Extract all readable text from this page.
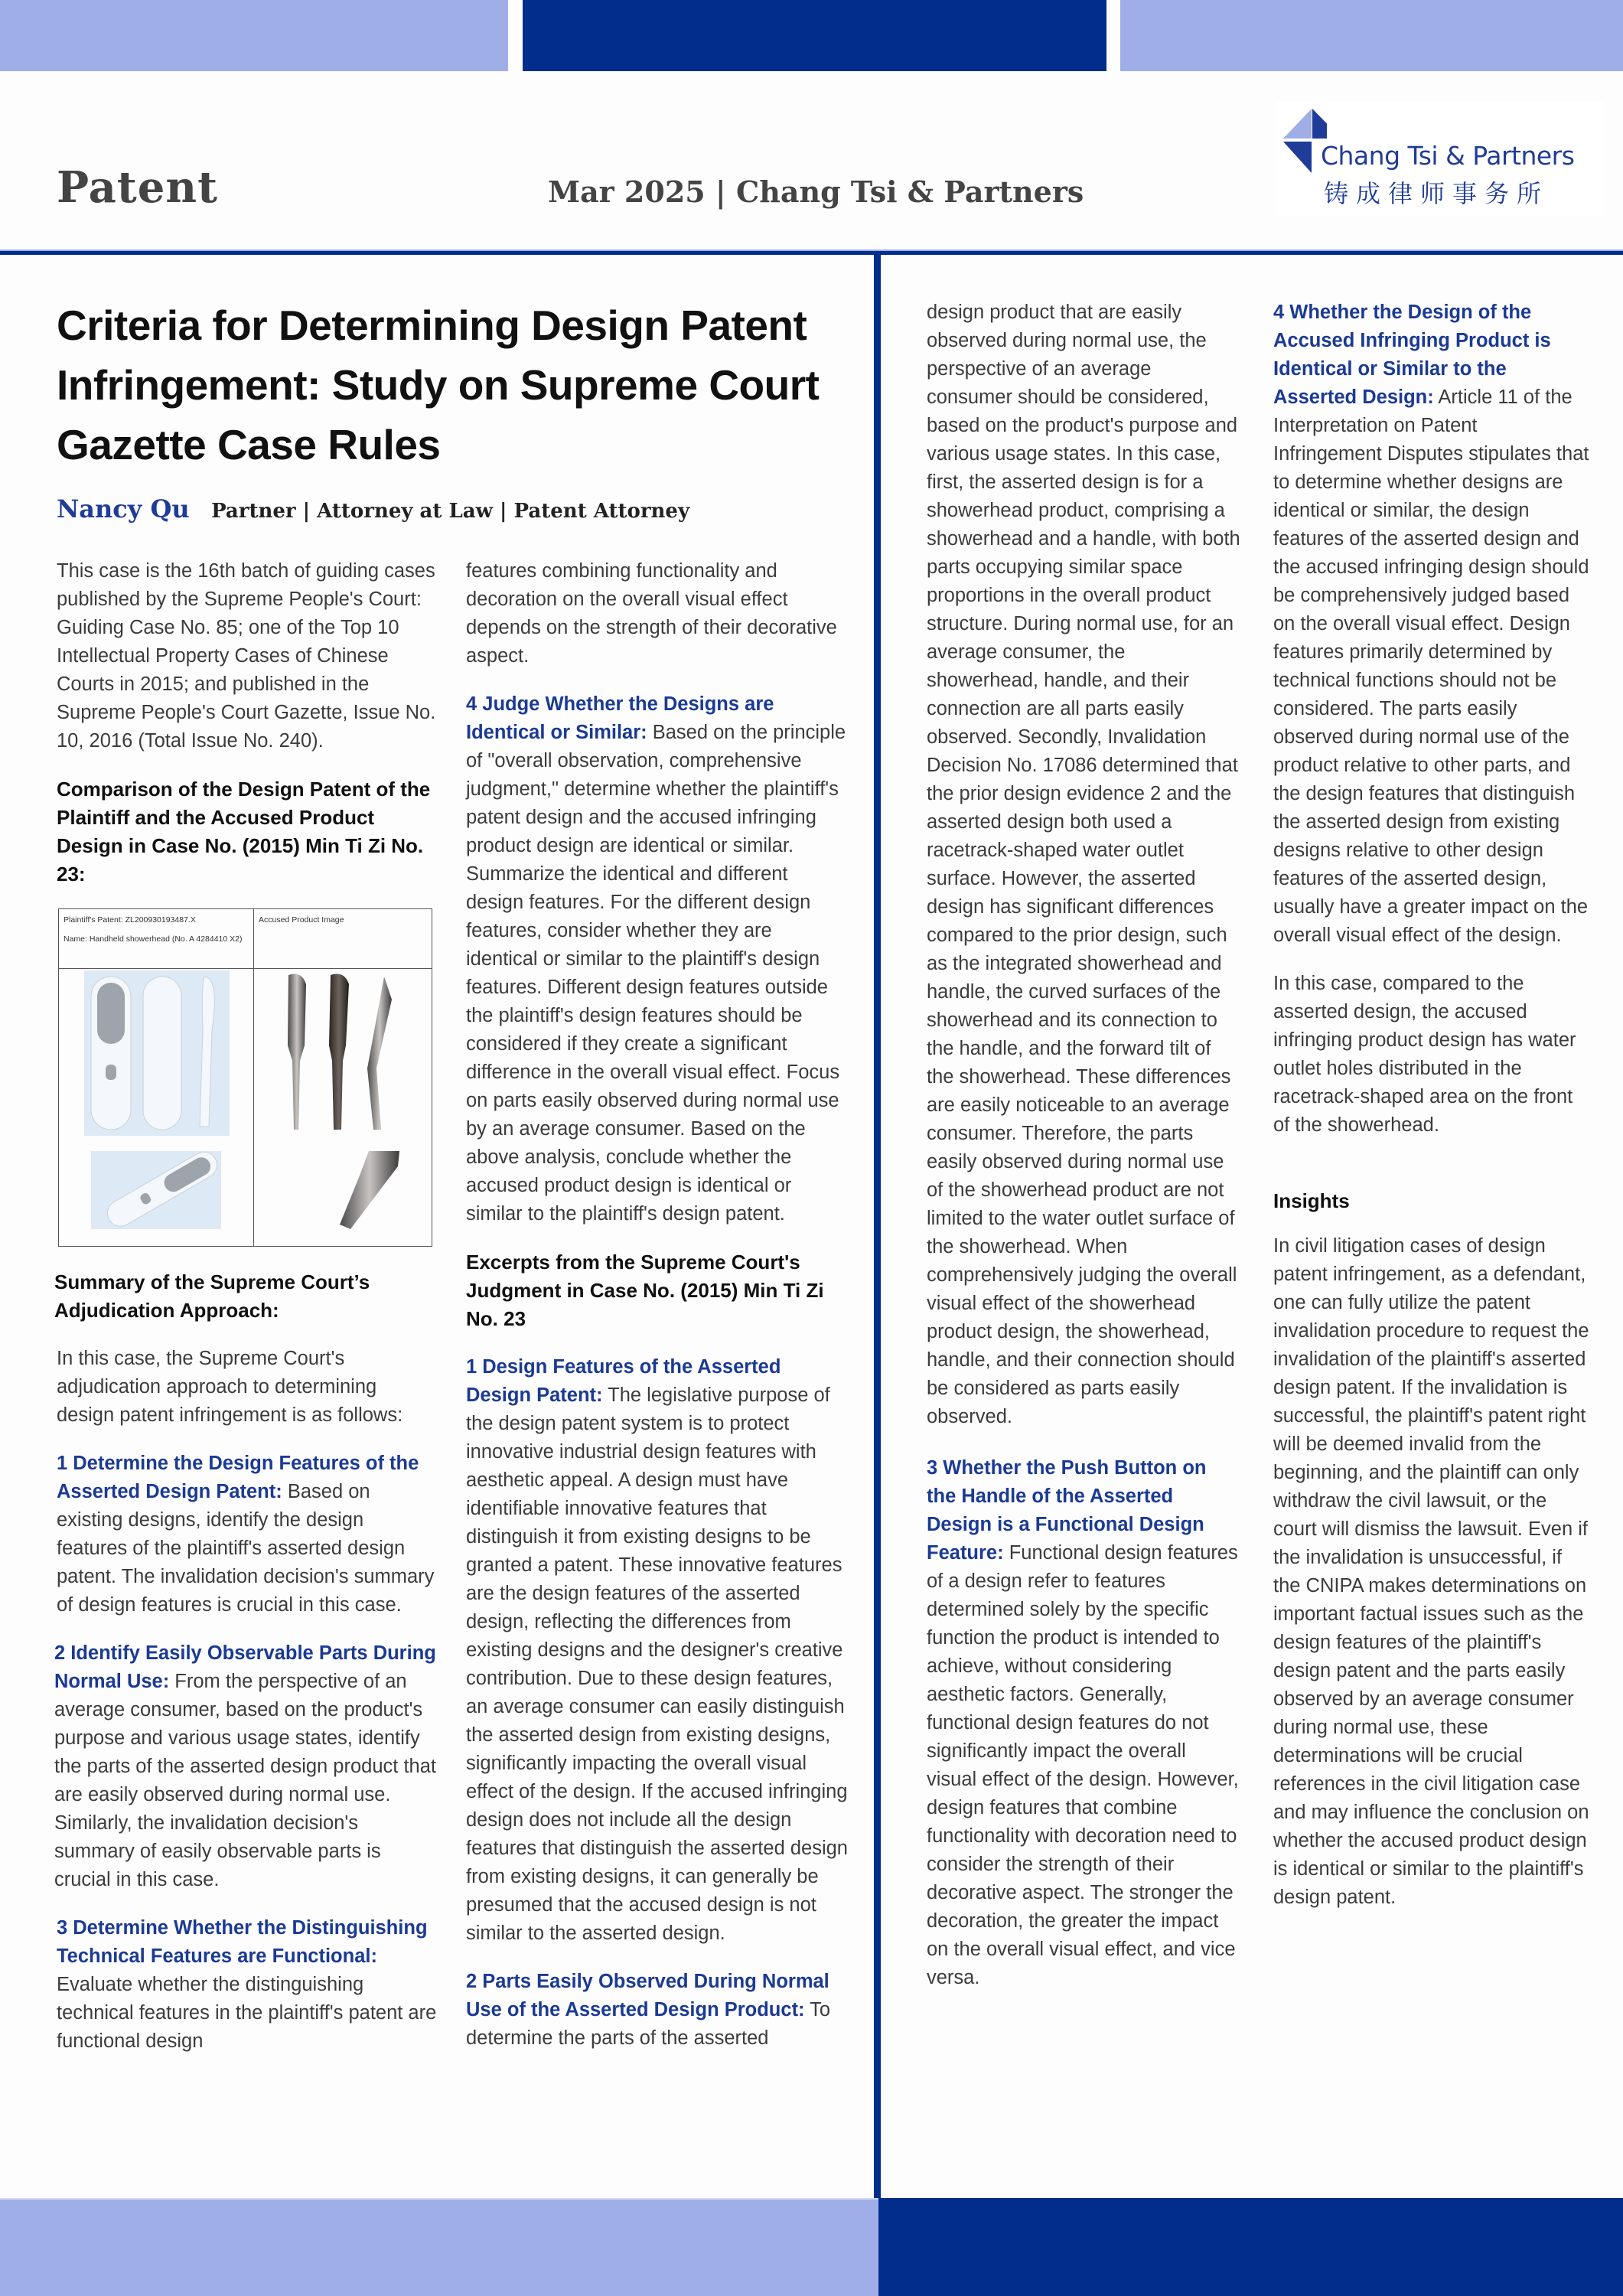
Patent	Mar 2025 | Chang Tsi & Partners
Chang Tsi & Partners
铸成律师事务所
Criteria for Determining Design Patent Infringement: Study on Supreme Court Gazette Case Rules
Nancy Qu Partner | Attorney at Law | Patent Attorney

This case is the 16th batch of guiding cases published by the Supreme People's Court: Guiding Case No. 85; one of the Top 10 Intellectual Property Cases of Chinese Courts in 2015; and published in the Supreme People's Court Gazette, Issue No. 10, 2016 (Total Issue No. 240).

Comparison of the Design Patent of the Plaintiff and the Accused Product Design in Case No. (2015) Min Ti Zi No. 23:

Plaintiff's Patent: ZL200930193487.X
Name: Handheld showerhead (No. A 4284410 X2)	Accused Product Image

Summary of the Supreme Court’s Adjudication Approach:

In this case, the Supreme Court's adjudication approach to determining design patent infringement is as follows:

1 Determine the Design Features of the Asserted Design Patent: Based on existing designs, identify the design features of the plaintiff's asserted design patent. The invalidation decision's summary of design features is crucial in this case.

2 Identify Easily Observable Parts During Normal Use: From the perspective of an average consumer, based on the product's purpose and various usage states, identify the parts of the asserted design product that are easily observed during normal use. Similarly, the invalidation decision's summary of easily observable parts is crucial in this case.

3 Determine Whether the Distinguishing Technical Features are Functional: Evaluate whether the distinguishing technical features in the plaintiff's patent are functional design

features combining functionality and decoration on the overall visual effect depends on the strength of their decorative aspect.

4 Judge Whether the Designs are Identical or Similar: Based on the principle of "overall observation, comprehensive judgment," determine whether the plaintiff's patent design and the accused infringing product design are identical or similar. Summarize the identical and different design features. For the different design features, consider whether they are identical or similar to the plaintiff's design features. Different design features outside the plaintiff's design features should be considered if they create a significant difference in the overall visual effect. Focus on parts easily observed during normal use by an average consumer. Based on the above analysis, conclude whether the accused product design is identical or similar to the plaintiff's design patent.

Excerpts from the Supreme Court's Judgment in Case No. (2015) Min Ti Zi No. 23

1 Design Features of the Asserted Design Patent: The legislative purpose of the design patent system is to protect innovative industrial design features with aesthetic appeal. A design must have identifiable innovative features that distinguish it from existing designs to be granted a patent. These innovative features are the design features of the asserted design, reflecting the differences from existing designs and the designer's creative contribution. Due to these design features, an average consumer can easily distinguish the asserted design from existing designs, significantly impacting the overall visual effect of the design. If the accused infringing design does not include all the design features that distinguish the asserted design from existing designs, it can generally be presumed that the accused design is not similar to the asserted design.

2 Parts Easily Observed During Normal Use of the Asserted Design Product: To determine the parts of the asserted

design product that are easily observed during normal use, the perspective of an average consumer should be considered, based on the product's purpose and various usage states. In this case, first, the asserted design is for a showerhead product, comprising a showerhead and a handle, with both parts occupying similar space proportions in the overall product structure. During normal use, for an average consumer, the showerhead, handle, and their connection are all parts easily observed. Secondly, Invalidation Decision No. 17086 determined that the prior design evidence 2 and the asserted design both used a racetrack-shaped water outlet surface. However, the asserted design has significant differences compared to the prior design, such as the integrated showerhead and handle, the curved surfaces of the showerhead and its connection to the handle, and the forward tilt of the showerhead. These differences are easily noticeable to an average consumer. Therefore, the parts easily observed during normal use of the showerhead product are not limited to the water outlet surface of the showerhead. When comprehensively judging the overall visual effect of the showerhead product design, the showerhead, handle, and their connection should be considered as parts easily observed.

3 Whether the Push Button on the Handle of the Asserted Design is a Functional Design Feature: Functional design features of a design refer to features determined solely by the specific function the product is intended to achieve, without considering aesthetic factors. Generally, functional design features do not significantly impact the overall visual effect of the design. However, design features that combine functionality with decoration need to consider the strength of their decorative aspect. The stronger the decoration, the greater the impact on the overall visual effect, and vice versa.

4 Whether the Design of the Accused Infringing Product is Identical or Similar to the Asserted Design: Article 11 of the Interpretation on Patent Infringement Disputes stipulates that to determine whether designs are identical or similar, the design features of the asserted design and the accused infringing design should be comprehensively judged based on the overall visual effect. Design features primarily determined by technical functions should not be considered. The parts easily observed during normal use of the product relative to other parts, and the design features that distinguish the asserted design from existing designs relative to other design features of the asserted design, usually have a greater impact on the overall visual effect of the design.

In this case, compared to the asserted design, the accused infringing product design has water outlet holes distributed in the racetrack-shaped area on the front of the showerhead.

Insights

In civil litigation cases of design patent infringement, as a defendant, one can fully utilize the patent invalidation procedure to request the invalidation of the plaintiff's asserted design patent. If the invalidation is successful, the plaintiff's patent right will be deemed invalid from the beginning, and the plaintiff can only withdraw the civil lawsuit, or the court will dismiss the lawsuit. Even if the invalidation is unsuccessful, if the CNIPA makes determinations on important factual issues such as the design features of the plaintiff's design patent and the parts easily observed by an average consumer during normal use, these determinations will be crucial references in the civil litigation case and may influence the conclusion on whether the accused product design is identical or similar to the plaintiff's design patent.
